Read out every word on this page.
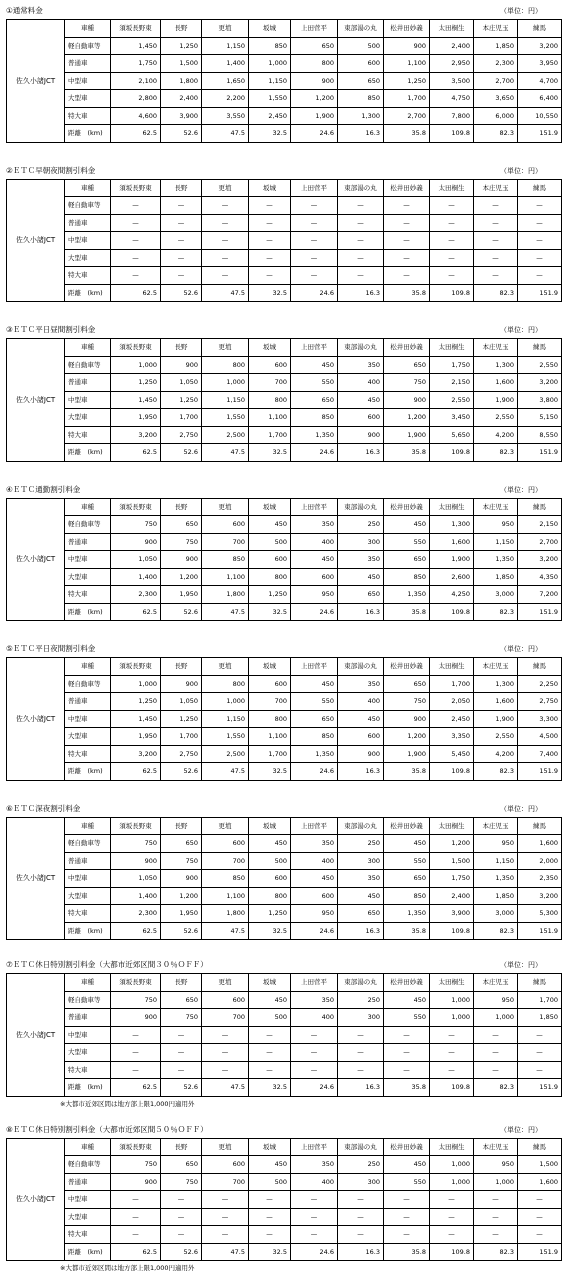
①通常料金	（単位：円）
佐久小諸JCT	車種	須坂長野東	長野	更埴	坂城	上田菅平	東部湯の丸	松井田妙義	太田桐生	本庄児玉	練馬
	軽自動車等	1,450	1,250	1,150	850	650	500	900	2,400	1,850	3,200
	普通車	1,750	1,500	1,400	1,000	800	600	1,100	2,950	2,300	3,950
	中型車	2,100	1,800	1,650	1,150	900	650	1,250	3,500	2,700	4,700
	大型車	2,800	2,400	2,200	1,550	1,200	850	1,700	4,750	3,650	6,400
	特大車	4,600	3,900	3,550	2,450	1,900	1,300	2,700	7,800	6,000	10,550
	距離　(km)	62.5	52.6	47.5	32.5	24.6	16.3	35.8	109.8	82.3	151.9
②ＥＴＣ早朝夜間割引料金	（単位：円）
佐久小諸JCT	車種	須坂長野東	長野	更埴	坂城	上田菅平	東部湯の丸	松井田妙義	太田桐生	本庄児玉	練馬
	軽自動車等	—	—	—	—	—	—	—	—	—	—
	普通車	—	—	—	—	—	—	—	—	—	—
	中型車	—	—	—	—	—	—	—	—	—	—
	大型車	—	—	—	—	—	—	—	—	—	—
	特大車	—	—	—	—	—	—	—	—	—	—
	距離　(km)	62.5	52.6	47.5	32.5	24.6	16.3	35.8	109.8	82.3	151.9
③ＥＴＣ平日昼間割引料金	（単位：円）
佐久小諸JCT	車種	須坂長野東	長野	更埴	坂城	上田菅平	東部湯の丸	松井田妙義	太田桐生	本庄児玉	練馬
	軽自動車等	1,000	900	800	600	450	350	650	1,750	1,300	2,550
	普通車	1,250	1,050	1,000	700	550	400	750	2,150	1,600	3,200
	中型車	1,450	1,250	1,150	800	650	450	900	2,550	1,900	3,800
	大型車	1,950	1,700	1,550	1,100	850	600	1,200	3,450	2,550	5,150
	特大車	3,200	2,750	2,500	1,700	1,350	900	1,900	5,650	4,200	8,550
	距離　(km)	62.5	52.6	47.5	32.5	24.6	16.3	35.8	109.8	82.3	151.9
④ＥＴＣ通勤割引料金	（単位：円）
佐久小諸JCT	車種	須坂長野東	長野	更埴	坂城	上田菅平	東部湯の丸	松井田妙義	太田桐生	本庄児玉	練馬
	軽自動車等	750	650	600	450	350	250	450	1,300	950	2,150
	普通車	900	750	700	500	400	300	550	1,600	1,150	2,700
	中型車	1,050	900	850	600	450	350	650	1,900	1,350	3,200
	大型車	1,400	1,200	1,100	800	600	450	850	2,600	1,850	4,350
	特大車	2,300	1,950	1,800	1,250	950	650	1,350	4,250	3,000	7,200
	距離　(km)	62.5	52.6	47.5	32.5	24.6	16.3	35.8	109.8	82.3	151.9
⑤ＥＴＣ平日夜間割引料金	（単位：円）
佐久小諸JCT	車種	須坂長野東	長野	更埴	坂城	上田菅平	東部湯の丸	松井田妙義	太田桐生	本庄児玉	練馬
	軽自動車等	1,000	900	800	600	450	350	650	1,700	1,300	2,250
	普通車	1,250	1,050	1,000	700	550	400	750	2,050	1,600	2,750
	中型車	1,450	1,250	1,150	800	650	450	900	2,450	1,900	3,300
	大型車	1,950	1,700	1,550	1,100	850	600	1,200	3,350	2,550	4,500
	特大車	3,200	2,750	2,500	1,700	1,350	900	1,900	5,450	4,200	7,400
	距離　(km)	62.5	52.6	47.5	32.5	24.6	16.3	35.8	109.8	82.3	151.9
⑥ＥＴＣ深夜割引料金	（単位：円）
佐久小諸JCT	車種	須坂長野東	長野	更埴	坂城	上田菅平	東部湯の丸	松井田妙義	太田桐生	本庄児玉	練馬
	軽自動車等	750	650	600	450	350	250	450	1,200	950	1,600
	普通車	900	750	700	500	400	300	550	1,500	1,150	2,000
	中型車	1,050	900	850	600	450	350	650	1,750	1,350	2,350
	大型車	1,400	1,200	1,100	800	600	450	850	2,400	1,850	3,200
	特大車	2,300	1,950	1,800	1,250	950	650	1,350	3,900	3,000	5,300
	距離　(km)	62.5	52.6	47.5	32.5	24.6	16.3	35.8	109.8	82.3	151.9
⑦ＥＴＣ休日特別割引料金（大都市近郊区間３０％ＯＦＦ）	（単位：円）
佐久小諸JCT	車種	須坂長野東	長野	更埴	坂城	上田菅平	東部湯の丸	松井田妙義	太田桐生	本庄児玉	練馬
	軽自動車等	750	650	600	450	350	250	450	1,000	950	1,700
	普通車	900	750	700	500	400	300	550	1,000	1,000	1,850
	中型車	—	—	—	—	—	—	—	—	—	—
	大型車	—	—	—	—	—	—	—	—	—	—
	特大車	—	—	—	—	—	—	—	—	—	—
	距離　(km)	62.5	52.6	47.5	32.5	24.6	16.3	35.8	109.8	82.3	151.9
※大都市近郊区間は地方部上限1,000円適用外
⑧ＥＴＣ休日特別割引料金（大都市近郊区間５０％ＯＦＦ）	（単位：円）
佐久小諸JCT	車種	須坂長野東	長野	更埴	坂城	上田菅平	東部湯の丸	松井田妙義	太田桐生	本庄児玉	練馬
	軽自動車等	750	650	600	450	350	250	450	1,000	950	1,500
	普通車	900	750	700	500	400	300	550	1,000	1,000	1,600
	中型車	—	—	—	—	—	—	—	—	—	—
	大型車	—	—	—	—	—	—	—	—	—	—
	特大車	—	—	—	—	—	—	—	—	—	—
	距離　(km)	62.5	52.6	47.5	32.5	24.6	16.3	35.8	109.8	82.3	151.9
※大都市近郊区間は地方部上限1,000円適用外
